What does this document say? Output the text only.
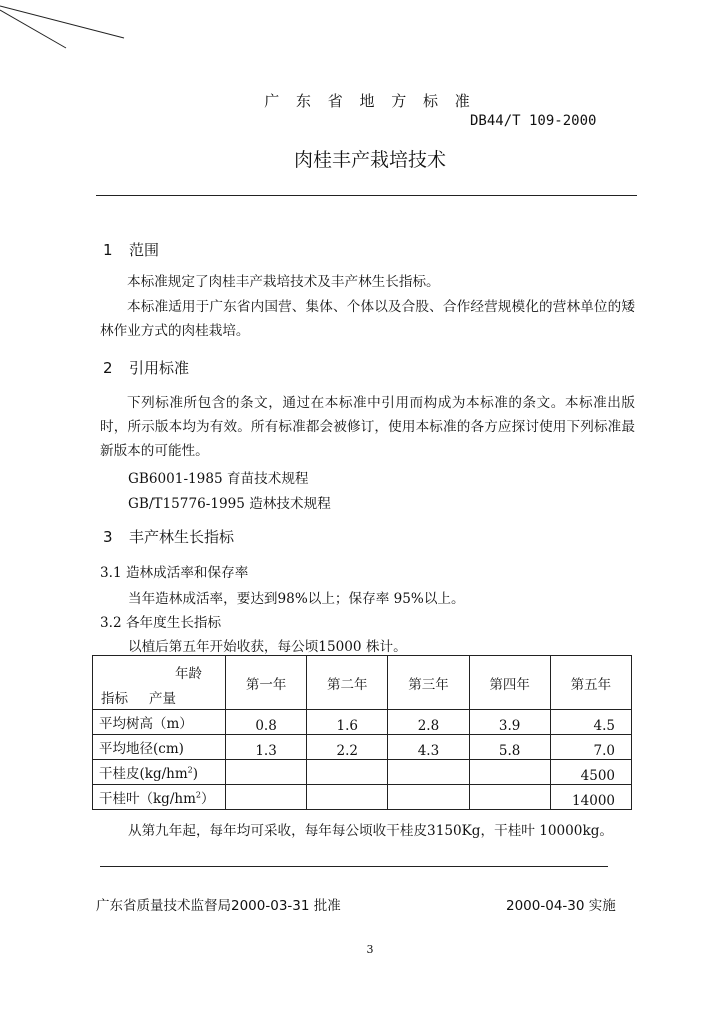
广 东 省 地 方 标 准
DB44/T 109-2000
肉桂丰产栽培技术
1 范围
本标准规定了肉桂丰产栽培技术及丰产林生长指标。
本标准适用于广东省内国营、集体、个体以及合股、合作经营规模化的营林单位的矮林作业方式的肉桂栽培。
2 引用标准
下列标准所包含的条文，通过在本标准中引用而构成为本标准的条文。本标准出版时，所示版本均为有效。所有标准都会被修订，使用本标准的各方应探讨使用下列标准最新版本的可能性。
GB6001-1985 育苗技术规程
GB/T15776-1995 造林技术规程
3 丰产林生长指标
3.1 造林成活率和保存率
当年造林成活率，要达到98%以上；保存率 95%以上。
3.2 各年度生长指标
以植后第五年开始收获，每公顷15000 株计。
年龄
指标 产量	第一年	第二年	第三年	第四年	第五年
平均树高（m）	0.8	1.6	2.8	3.9	4.5
平均地径(cm)	1.3	2.2	4.3	5.8	7.0
干桂皮$(kg/hm^2)$					4500
干桂叶$(kg/hm^2)$					14000
从第九年起，每年均可采收，每年每公顷收干桂皮3150Kg，干桂叶 10000kg。
广东省质量技术监督局2000-03-31 批准	2000-04-30 实施
3
